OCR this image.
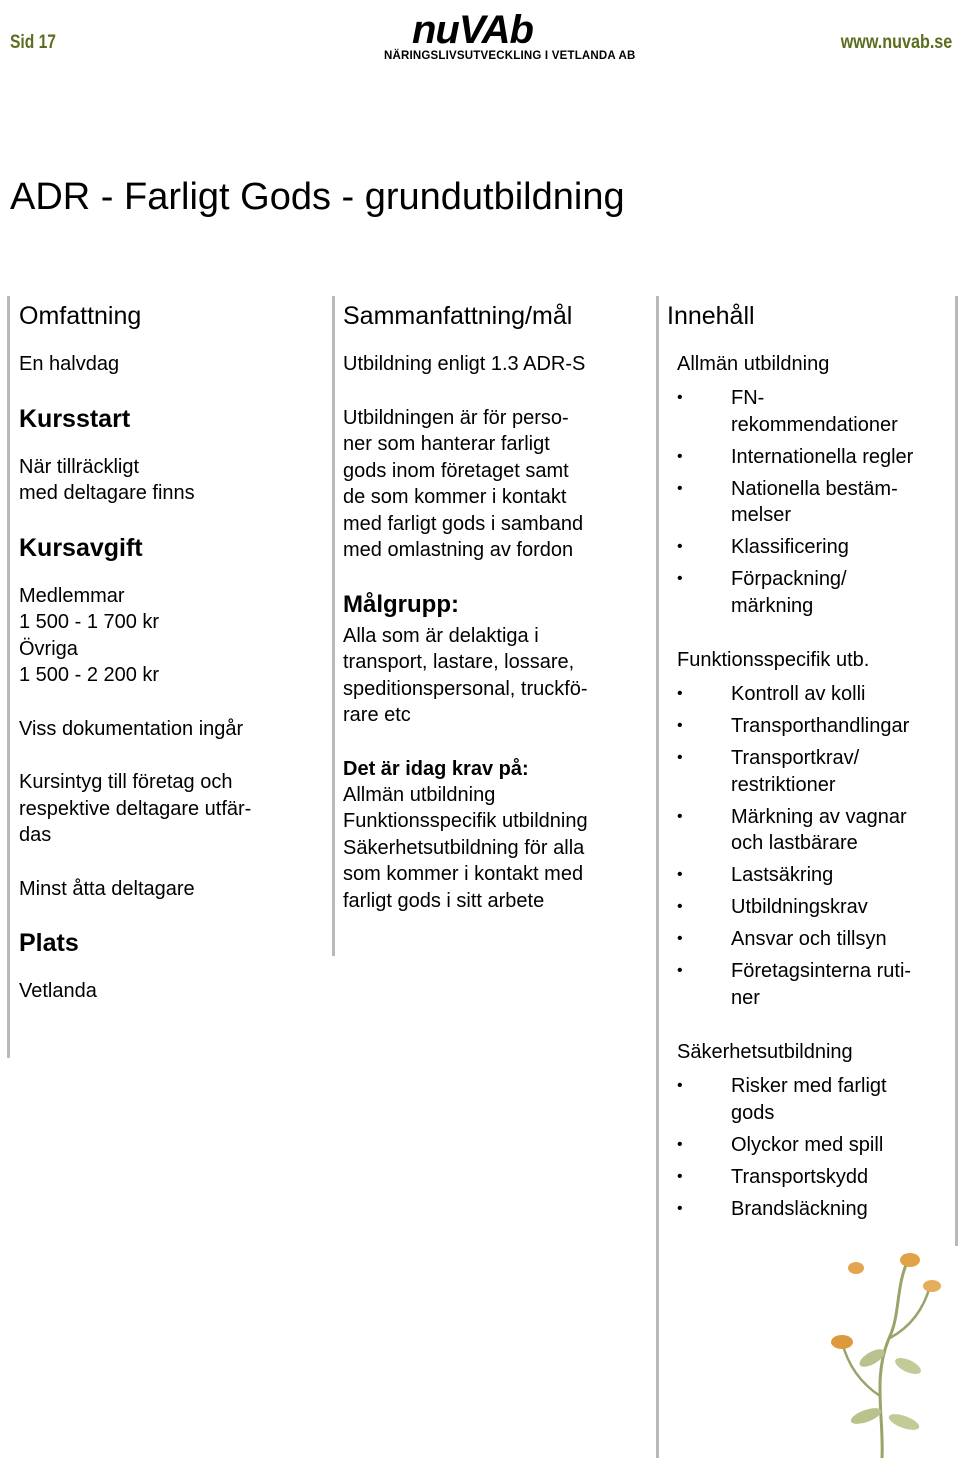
Sid 17	nuVAb
NÄRINGSLIVSUTVECKLING I VETLANDA AB
www.nuvab.se
ADR - Farligt Gods - grundutbildning
Omfattning

En halvdag

Kursstart

När tillräckligt
med deltagare finns

Kursavgift

Medlemmar
1 500 - 1 700 kr
Övriga
1 500 - 2 200 kr

Viss dokumentation ingår

Kursintyg till företag och
respektive deltagare utfär-
das

Minst åtta deltagare

Plats

Vetlanda

Sammanfattning/mål

Utbildning enligt 1.3 ADR-S

Utbildningen är för perso-
ner som hanterar farligt
gods inom företaget samt
de som kommer i kontakt
med farligt gods i samband
med omlastning av fordon

Målgrupp:

Alla som är delaktiga i
transport, lastare, lossare,
speditionspersonal, truckfö-
rare etc

Det är idag krav på:

Allmän utbildning
Funktionsspecifik utbildning
Säkerhetsutbildning för alla
som kommer i kontakt med
farligt gods i sitt arbete

Innehåll
Allmän utbildning
• FN-
rekommendationer
• Internationella regler
• Nationella bestäm-
melser
• Klassificering
• Förpackning/
märkning
Funktionsspecifik utb.
• Kontroll av kolli
• Transporthandlingar
• Transportkrav/
restriktioner
• Märkning av vagnar
och lastbärare
• Lastsäkring
• Utbildningskrav
• Ansvar och tillsyn
• Företagsinterna ruti-
ner
Säkerhetsutbildning
• Risker med farligt
gods
• Olyckor med spill
• Transportskydd
• Brandsläckning
